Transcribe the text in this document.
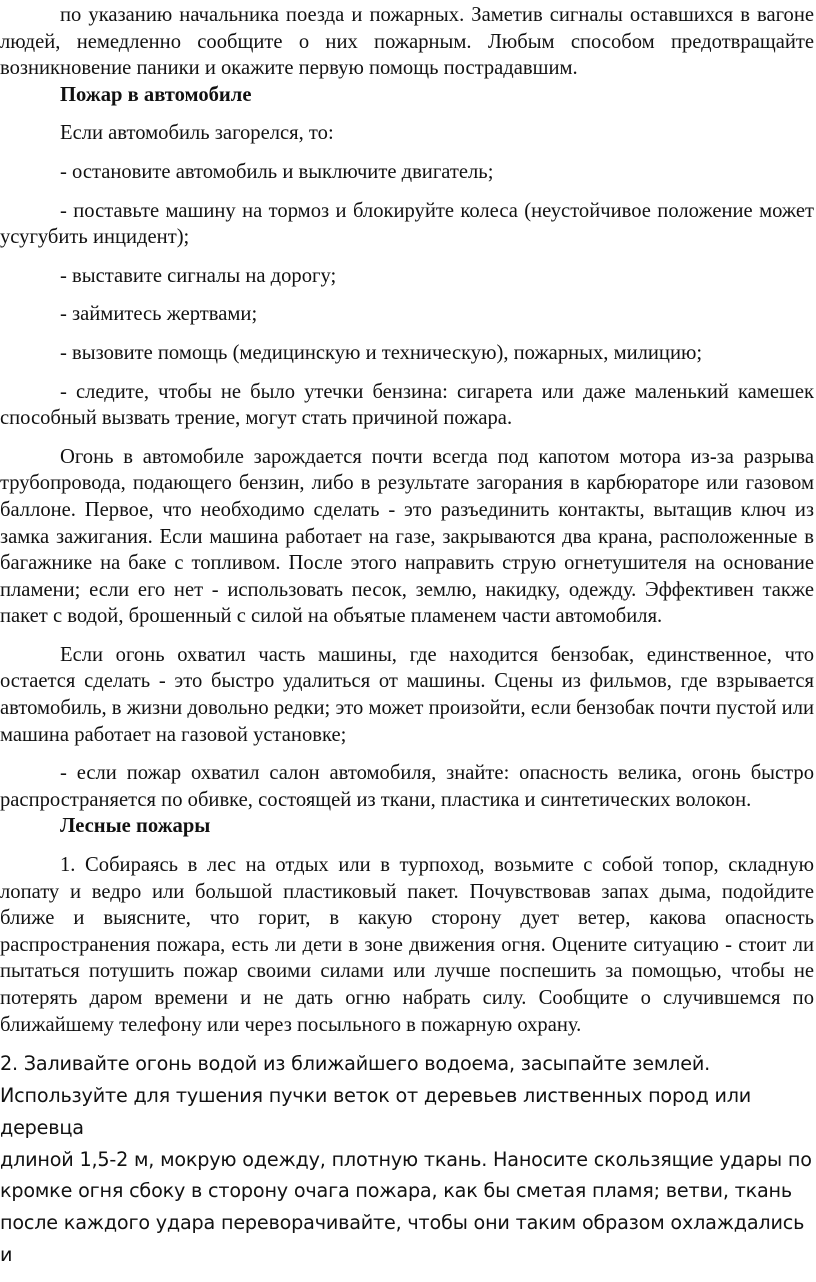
по указанию начальника поезда и пожарных. Заметив сигналы оставшихся в вагоне людей, немедленно сообщите о них пожарным. Любым способом предотвращайте возникновение паники и окажите первую помощь пострадавшим.

Пожар в автомобиле

Если автомобиль загорелся, то:

- остановите автомобиль и выключите двигатель;

- поставьте машину на тормоз и блокируйте колеса (неустойчивое положение может усугубить инцидент);

- выставите сигналы на дорогу;

- займитесь жертвами;

- вызовите помощь (медицинскую и техническую), пожарных, милицию;

- следите, чтобы не было утечки бензина: сигарета или даже маленький камешек способный вызвать трение, могут стать причиной пожара.

Огонь в автомобиле зарождается почти всегда под капотом мотора из-за разрыва трубопровода, подающего бензин, либо в результате загорания в карбюраторе или газовом баллоне. Первое, что необходимо сделать - это разъединить контакты, вытащив ключ из замка зажигания. Если машина работает на газе, закрываются два крана, расположенные в багажнике на баке с топливом. После этого направить струю огнетушителя на основание пламени; если его нет - использовать песок, землю, накидку, одежду. Эффективен также пакет с водой, брошенный с силой на объятые пламенем части автомобиля.

Если огонь охватил часть машины, где находится бензобак, единственное, что остается сделать - это быстро удалиться от машины. Сцены из фильмов, где взрывается автомобиль, в жизни довольно редки; это может произойти, если бензобак почти пустой или машина работает на газовой установке;

- если пожар охватил салон автомобиля, знайте: опасность велика, огонь быстро распространяется по обивке, состоящей из ткани, пластика и синтетических волокон.

Лесные пожары

1. Собираясь в лес на отдых или в турпоход, возьмите с собой топор, складную лопату и ведро или большой пластиковый пакет. Почувствовав запах дыма, подойдите ближе и выясните, что горит, в какую сторону дует ветер, какова опасность распространения пожара, есть ли дети в зоне движения огня. Оцените ситуацию - стоит ли пытаться потушить пожар своими силами или лучше поспешить за помощью, чтобы не потерять даром времени и не дать огню набрать силу. Сообщите о случившемся по ближайшему телефону или через посыльного в пожарную охрану.

2. Заливайте огонь водой из ближайшего водоема, засыпайте землей.

Используйте для тушения пучки веток от деревьев лиственных пород или деревца

длиной 1,5-2 м, мокрую одежду, плотную ткань. Наносите скользящие удары по

кромке огня сбоку в сторону очага пожара, как бы сметая пламя; ветви, ткань

после каждого удара переворачивайте, чтобы они таким образом охлаждались и
